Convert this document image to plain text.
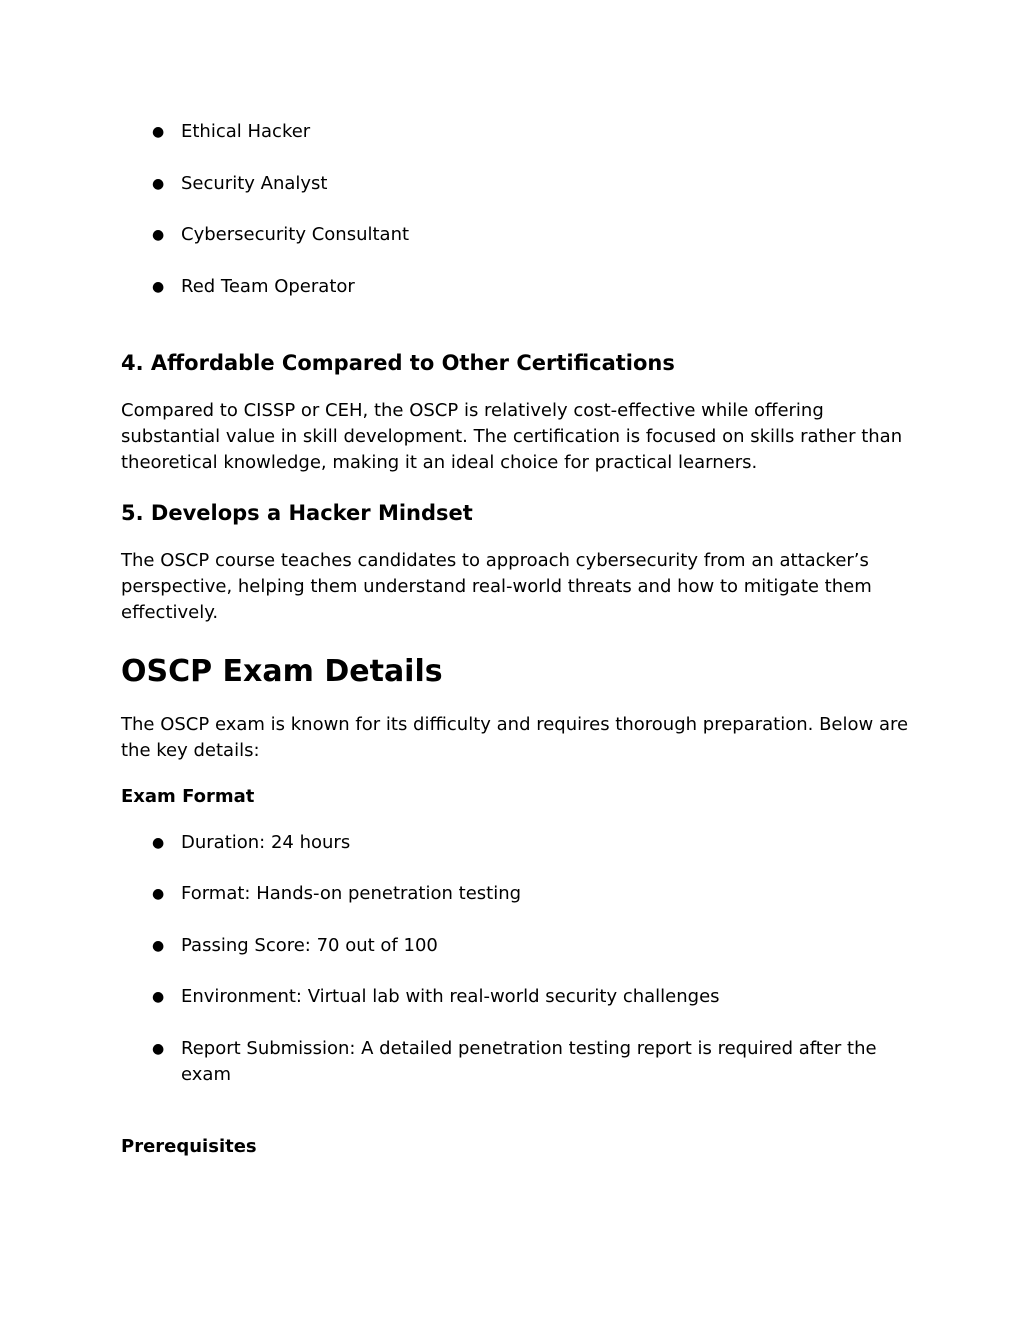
● Ethical Hacker
● Security Analyst
● Cybersecurity Consultant
● Red Team Operator
4. Affordable Compared to Other Certifications

Compared to CISSP or CEH, the OSCP is relatively cost-effective while offering substantial value in skill development. The certification is focused on skills rather than theoretical knowledge, making it an ideal choice for practical learners.

5. Develops a Hacker Mindset

The OSCP course teaches candidates to approach cybersecurity from an attacker’s perspective, helping them understand real-world threats and how to mitigate them effectively.

OSCP Exam Details

The OSCP exam is known for its difficulty and requires thorough preparation. Below are the key details:

Exam Format
● Duration: 24 hours
● Format: Hands-on penetration testing
● Passing Score: 70 out of 100
● Environment: Virtual lab with real-world security challenges
● Report Submission: A detailed penetration testing report is required after the exam
Prerequisites
